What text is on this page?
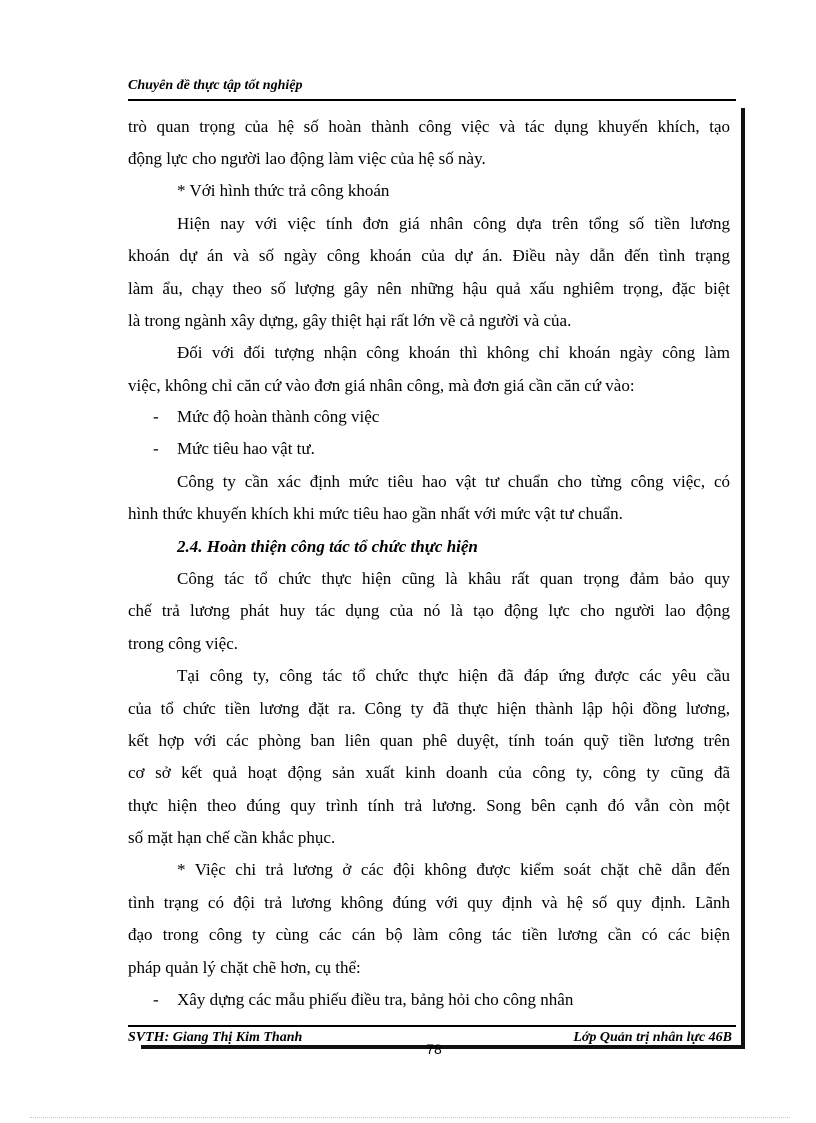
Chuyên đề thực tập tốt nghiệp
trò quan trọng của hệ số hoàn thành công việc và tác dụng khuyến khích, tạo
động lực cho người lao động làm việc của hệ số này.
* Với hình thức trả công khoán
Hiện nay với việc tính đơn giá nhân công dựa trên tổng số tiền lương
khoán dự án và số ngày công khoán của dự án. Điều này dẫn đến tình trạng
làm ẩu, chạy theo số lượng gây nên những hậu quả xấu nghiêm trọng, đặc biệt
là trong ngành xây dựng, gây thiệt hại rất lớn về cả người và của.
Đối với đối tượng nhận công khoán thì không chỉ khoán ngày công làm
việc, không chỉ căn cứ vào đơn giá nhân công, mà đơn giá cần căn cứ vào:
- Mức độ hoàn thành công việc
- Mức tiêu hao vật tư.
Công ty cần xác định mức tiêu hao vật tư chuẩn cho từng công việc, có
hình thức khuyến khích khi mức tiêu hao gần nhất với mức vật tư chuẩn.
2.4. Hoàn thiện công tác tổ chức thực hiện
Công tác tổ chức thực hiện cũng là khâu rất quan trọng đảm bảo quy
chế trả lương phát huy tác dụng của nó là tạo động lực cho người lao động
trong công việc.
Tại công ty, công tác tổ chức thực hiện đã đáp ứng được các yêu cầu
của tổ chức tiền lương đặt ra. Công ty đã thực hiện thành lập hội đồng lương,
kết hợp với các phòng ban liên quan phê duyệt, tính toán quỹ tiền lương trên
cơ sở kết quả hoạt động sản xuất kinh doanh của công ty, công ty cũng đã
thực hiện theo đúng quy trình tính trả lương. Song bên cạnh đó vẫn còn một
số mặt hạn chế cần khắc phục.
* Việc chi trả lương ở các đội không được kiểm soát chặt chẽ dẫn đến
tình trạng có đội trả lương không đúng với quy định và hệ số quy định. Lãnh
đạo trong công ty cùng các cán bộ làm công tác tiền lương cần có các biện
pháp quản lý chặt chẽ hơn, cụ thể:
- Xây dựng các mẫu phiếu điều tra, bảng hỏi cho công nhân
SVTH: Giang Thị Kim Thanh	Lớp Quản trị nhân lực 46B
78
